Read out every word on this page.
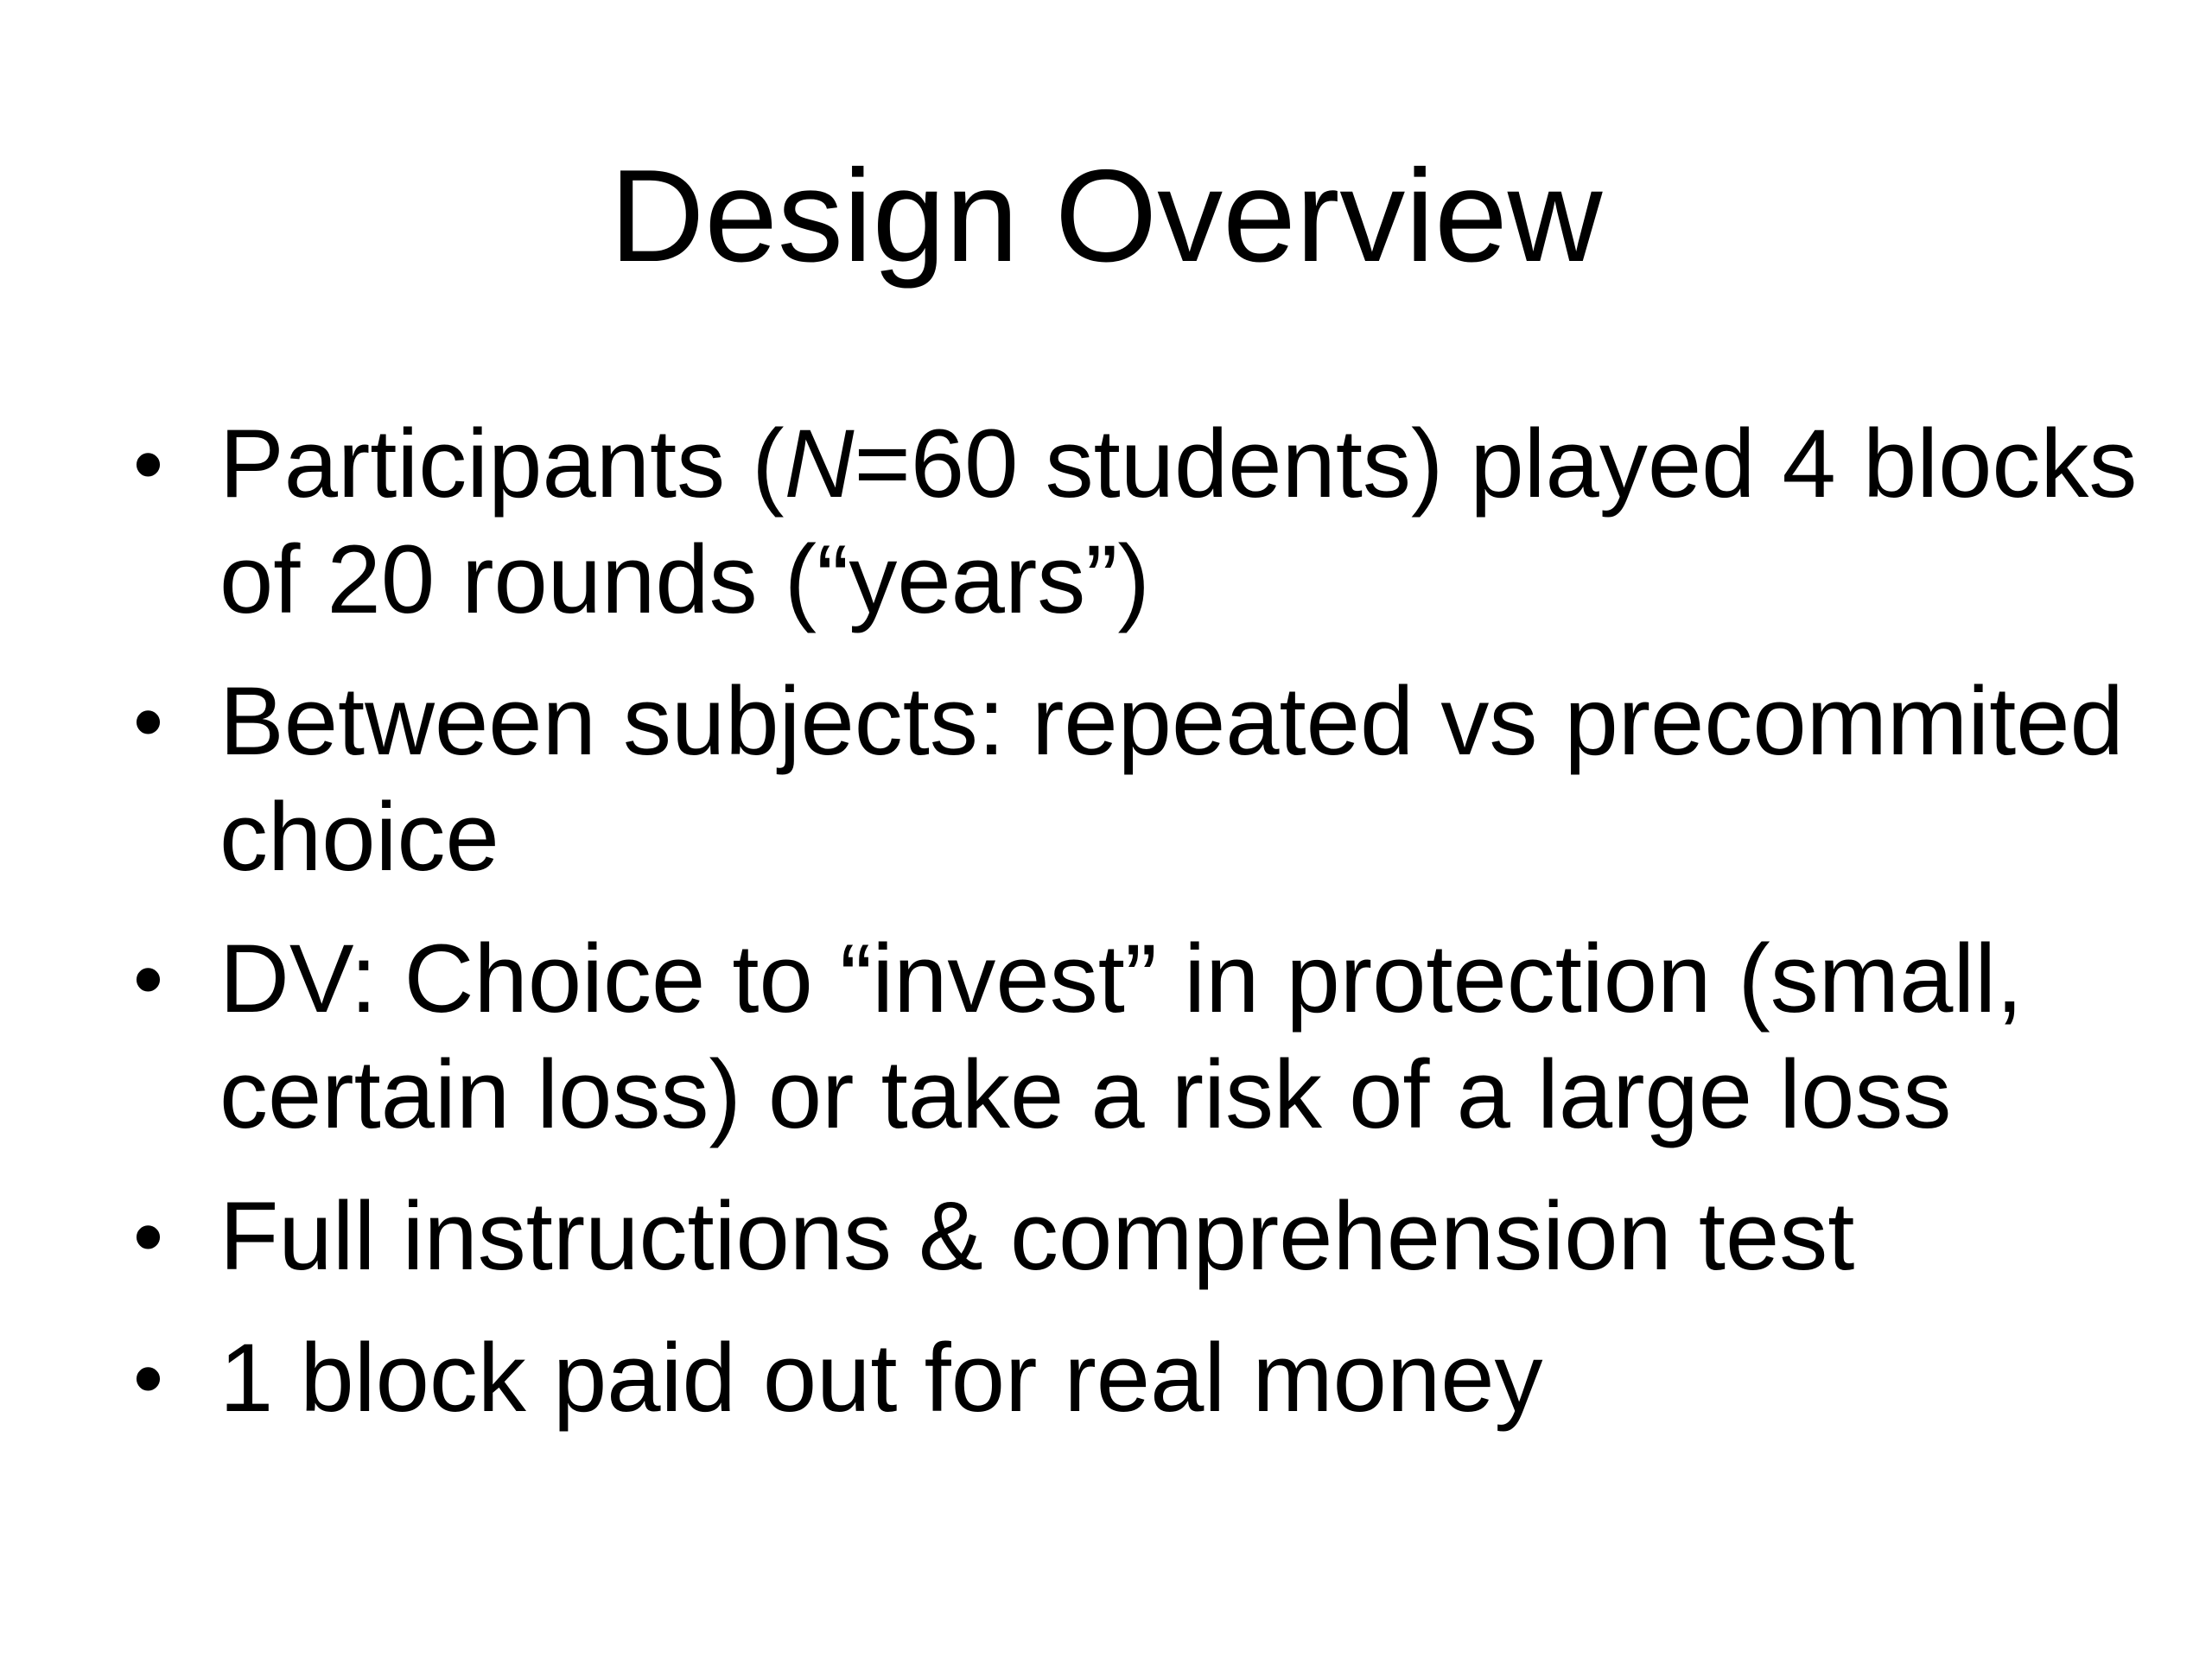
Design Overview
• Participants (N=60 students) played 4 blocks of 20 rounds (“years”)
• Between subjects: repeated vs precommited choice
• DV: Choice to “invest” in protection (small, certain loss) or take a risk of a large loss
• Full instructions & comprehension test
• 1 block paid out for real money
